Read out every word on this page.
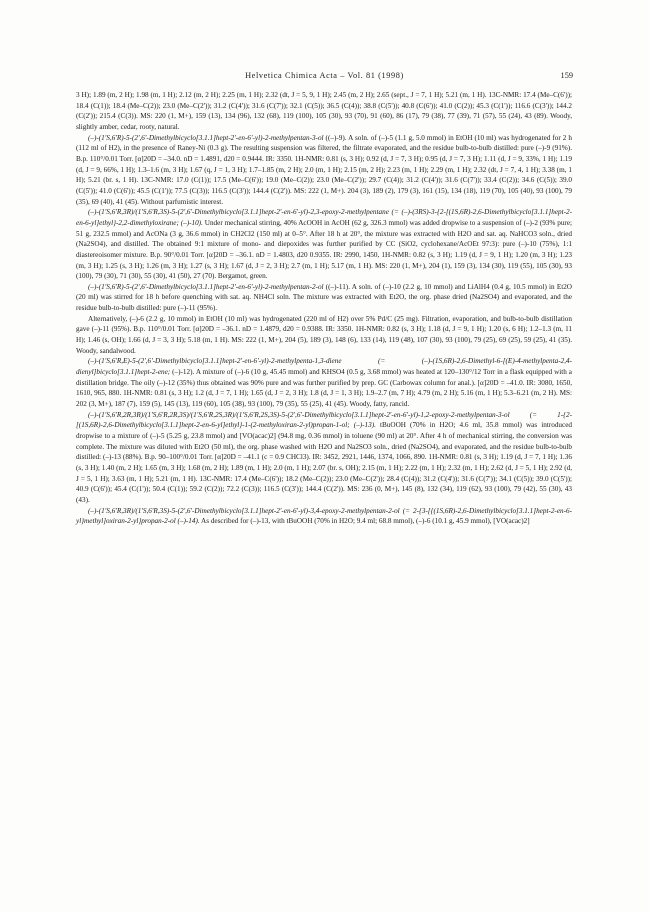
Helvetica Chimica Acta – Vol. 81 (1998)	159

3 H); 1.89 (m, 2 H); 1.98 (m, 1 H); 2.12 (m, 2 H); 2.25 (m, 1 H); 2.32 (dt, J = 5, 9, 1 H); 2.45 (m, 2 H); 2.65 (sept., J = 7, 1 H); 5.21 (m, 1 H). 13C-NMR: 17.4 (Me–C(6')); 18.4 (C(1)); 18.4 (Me–C(2)); 23.0 (Me–C(2')); 31.2 (C(4')); 31.6 (C(7')); 32.1 (C(5)); 36.5 (C(4)); 38.8 (C(5')); 40.8 (C(6')); 41.0 (C(2)); 45.3 (C(1')); 116.6 (C(3')); 144.2 (C(2')); 215.4 (C(3)). MS: 220 (1, M+), 159 (13), 134 (96), 132 (68), 119 (100), 105 (30), 93 (70), 91 (60), 86 (17), 79 (38), 77 (39), 71 (57), 55 (24), 43 (89). Woody, slightly amber, cedar, rooty, natural.

(–)-(1'S,6'R)-5-(2',6'-Dimethylbicyclo[3.1.1]hept-2'-en-6'-yl)-2-methylpentan-3-ol ((–)-9). A soln. of (–)-5 (1.1 g, 5.0 mmol) in EtOH (10 ml) was hydrogenated for 2 h (112 ml of H2), in the presence of Raney-Ni (0.3 g). The resulting suspension was filtered, the filtrate evaporated, and the residue bulb-to-bulb distilled: pure (–)-9 (91%). B.p. 110°/0.01 Torr. [α]20D = –34.0. nD = 1.4891, d20 = 0.9444. IR: 3350. 1H-NMR: 0.81 (s, 3 H); 0.92 (d, J = 7, 3 H); 0.95 (d, J = 7, 3 H); 1.11 (d, J = 9, 33%, 1 H); 1.19 (d, J = 9, 66%, 1 H); 1.3–1.6 (m, 3 H); 1.67 (q, J = 1, 3 H); 1.7–1.85 (m, 2 H); 2.0 (m, 1 H); 2.15 (m, 2 H); 2.23 (m, 1 H); 2.29 (m, 1 H); 2.32 (dt, J = 7, 4, 1 H); 3.38 (m, 1 H); 5.21 (br. s, 1 H). 13C-NMR: 17.0 (C(1)); 17.5 (Me–C(6')); 19.0 (Me–C(2)); 23.0 (Me–C(2')); 29.7 (C(4)); 31.2 (C(4')); 31.6 (C(7')); 33.4 (C(2)); 34.6 (C(5)); 39.0 (C(5')); 41.0 (C(6')); 45.5 (C(1')); 77.5 (C(3)); 116.5 (C(3')); 144.4 (C(2')). MS: 222 (1, M+). 204 (3), 189 (2), 179 (3), 161 (15), 134 (18), 119 (70), 105 (40), 93 (100), 79 (35), 69 (40), 41 (45). Without parfumistic interest.

(–)-(1'S,6'R,3R)/(1'S,6'R,3S)-5-(2',6'-Dimethylbicyclo[3.1.1]hept-2'-en-6'-yl)-2,3-epoxy-2-methylpentane (= (–)-(3RS)-3-{2-[(1S,6R)-2,6-Dimethylbicyclo[3.1.1]hept-2-en-6-yl]ethyl}-2,2-dimethyloxirane; (–)-10). Under mechanical stirring, 40% AcOOH in AcOH (62 g, 326.3 mmol) was added dropwise to a suspension of (–)-2 (93% pure; 51 g, 232.5 mmol) and AcONa (3 g, 36.6 mmol) in CH2Cl2 (150 ml) at 0–5°. After 18 h at 20°, the mixture was extracted with H2O and sat. aq. NaHCO3 soln., dried (Na2SO4), and distilled. The obtained 9:1 mixture of mono- and diepoxides was further purified by CC (SiO2, cyclohexane/AcOEt 97:3): pure (–)-10 (75%), 1:1 diastereoisomer mixture. B.p. 90°/0.01 Torr. [α]20D = –36.1. nD = 1.4803, d20 0.9355. IR: 2990, 1450, 1H-NMR: 0.82 (s, 3 H); 1.19 (d, J = 9, 1 H); 1.20 (m, 3 H); 1.23 (m, 3 H); 1.25 (s, 3 H); 1.26 (m, 3 H); 1.27 (s, 3 H); 1.67 (d, J = 2, 3 H); 2.7 (m, 1 H); 5.17 (m, 1 H). MS: 220 (1, M+), 204 (1), 159 (3), 134 (30), 119 (55), 105 (30), 93 (100), 79 (30), 71 (30), 55 (30), 41 (50), 27 (70). Bergamot, green.

(–)-(1'S,6'R)-5-(2',6'-Dimethylbicyclo[3.1.1]hept-2'-en-6'-yl)-2-methylpentan-2-ol ((–)-11). A soln. of (–)-10 (2.2 g, 10 mmol) and LiAlH4 (0.4 g, 10.5 mmol) in Et2O (20 ml) was stirred for 18 h before quenching with sat. aq. NH4Cl soln. The mixture was extracted with Et2O, the org. phase dried (Na2SO4) and evaporated, and the residue bulb-to-bulb distilled: pure (–)-11 (95%).

Alternatively, (–)-6 (2.2 g, 10 mmol) in EtOH (10 ml) was hydrogenated (220 ml of H2) over 5% Pd/C (25 mg). Filtration, evaporation, and bulb-to-bulb distillation gave (–)-11 (95%). B.p. 110°/0.01 Torr. [α]20D = –36.1. nD = 1.4879, d20 = 0.9388. IR: 3350. 1H-NMR: 0.82 (s, 3 H); 1.18 (d, J = 9, 1 H); 1.20 (s, 6 H); 1.2–1.3 (m, 11 H); 1.46 (s, OH); 1.66 (d, J = 3, 3 H); 5.18 (m, 1 H). MS: 222 (1, M+), 204 (5), 189 (3), 148 (6), 133 (14), 119 (48), 107 (30), 93 (100), 79 (25), 69 (25), 59 (25), 41 (35). Woody, sandalwood.

(–)-(1'S,6'R,E)-5-(2',6'-Dimethylbicyclo[3.1.1]hept-2'-en-6'-yl)-2-methylpenta-1,3-diene (= (–)-(1S,6R)-2,6-Dimethyl-6-[(E)-4-methylpenta-2,4-dienyl]bicyclo[3.1.1]hept-2-ene; (–)-12). A mixture of (–)-6 (10 g, 45.45 mmol) and KHSO4 (0.5 g, 3.68 mmol) was heated at 120–130°/12 Torr in a flask equipped with a distillation bridge. The oily (–)-12 (35%) thus obtained was 90% pure and was further purified by prep. GC (Carbowax column for anal.). [α]20D = –41.0. IR: 3080, 1650, 1610, 965, 880. 1H-NMR: 0.81 (s, 3 H); 1.2 (d, J = 7, 1 H); 1.65 (d, J = 2, 3 H); 1.8 (d, J = 1, 3 H); 1.9–2.7 (m, 7 H); 4.79 (m, 2 H); 5.16 (m, 1 H); 5.3–6.21 (m, 2 H). MS: 202 (3, M+), 187 (7), 159 (5), 145 (13), 119 (60), 105 (38), 93 (100), 79 (35), 55 (25), 41 (45). Woody, fatty, rancid.

(–)-(1'S,6'R,2R,3R)/(1'S,6'R,2R,3S)/(1'S,6'R,2S,3R)/(1'S,6'R,2S,3S)-5-(2',6'-Dimethylbicyclo[3.1.1]hept-2'-en-6'-yl)-1,2-epoxy-2-methylpentan-3-ol (= 1-{2-[(1S,6R)-2,6-Dimethylbicyclo[3.1.1]hept-2-en-6-yl]ethyl}-1-(2-methyloxiran-2-yl)propan-1-ol; (–)-13). tBuOOH (70% in H2O; 4.6 ml, 35.8 mmol) was introduced dropwise to a mixture of (–)-5 (5.25 g, 23.8 mmol) and [VO(acac)2] (94.8 mg, 0.36 mmol) in toluene (90 ml) at 20°. After 4 h of mechanical stirring, the conversion was complete. The mixture was diluted with Et2O (50 ml), the org. phase washed with H2O and Na2SO3 soln., dried (Na2SO4), and evaporated, and the residue bulb-to-bulb distilled: (–)-13 (88%). B.p. 90–100°/0.01 Torr. [α]20D = –41.1 (c = 0.9 CHCl3). IR: 3452, 2921, 1446, 1374, 1066, 890. 1H-NMR: 0.81 (s, 3 H); 1.19 (d, J = 7, 1 H); 1.36 (s, 3 H); 1.40 (m, 2 H); 1.65 (m, 3 H); 1.68 (m, 2 H); 1.89 (m, 1 H); 2.0 (m, 1 H); 2.07 (br. s, OH); 2.15 (m, 1 H); 2.22 (m, 1 H); 2.32 (m, 1 H); 2.62 (d, J = 5, 1 H); 2.92 (d, J = 5, 1 H); 3.63 (m, 1 H); 5.21 (m, 1 H). 13C-NMR: 17.4 (Me–C(6')); 18.2 (Me–C(2)); 23.0 (Me–C(2')); 28.4 (C(4)); 31.2 (C(4')); 31.6 (C(7')); 34.1 (C(5)); 39.0 (C(5')); 40.9 (C(6')); 45.4 (C(1')); 50.4 (C(1)); 59.2 (C(2)); 72.2 (C(3)); 116.5 (C(3')); 144.4 (C(2')). MS: 236 (0, M+), 145 (8), 132 (34), 119 (62), 93 (100), 79 (42), 55 (30), 43 (43).

(–)-(1'S,6'R,3R)/(1'S,6'R,3S)-5-(2',6'-Dimethylbicyclo[3.1.1]hept-2'-en-6'-yl)-3,4-epoxy-2-methylpentan-2-ol (= 2-{3-[{(1S,6R)-2,6-Dimethylbicyclo[3.1.1]hept-2-en-6-yl}methyl]oxiran-2-yl}propan-2-ol (–)-14). As described for (–)-13, with tBuOOH (70% in H2O; 9.4 ml; 68.8 mmol), (–)-6 (10.1 g, 45.9 mmol), [VO(acac)2]
